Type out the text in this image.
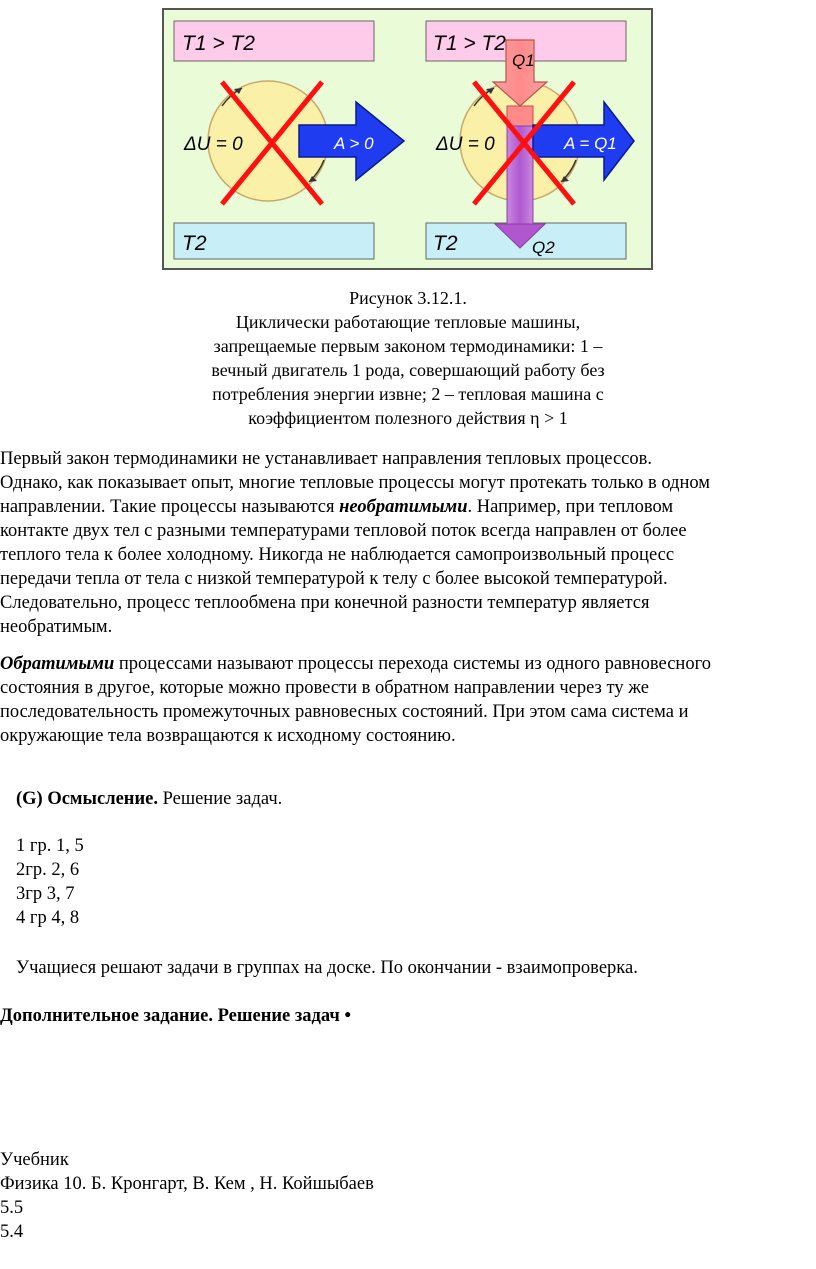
T1 > T2
T2
A > 0
ΔU = 0
T1 > T2
T2
Q1
Q2
A = Q1
ΔU = 0
Рисунок 3.12.1.
Циклически работающие тепловые машины,
запрещаемые первым законом термодинамики: 1 –
вечный двигатель 1 рода, совершающий работу без
потребления энергии извне; 2 – тепловая машина с
коэффициентом полезного действия η > 1
Первый закон термодинамики не устанавливает направления тепловых процессов.
Однако, как показывает опыт, многие тепловые процессы могут протекать только в одном
направлении. Такие процессы называются необратимыми. Например, при тепловом
контакте двух тел с разными температурами тепловой поток всегда направлен от более
теплого тела к более холодному. Никогда не наблюдается самопроизвольный процесс
передачи тепла от тела с низкой температурой к телу с более высокой температурой.
Следовательно, процесс теплообмена при конечной разности температур является
необратимым.
Обратимыми процессами называют процессы перехода системы из одного равновесного
состояния в другое, которые можно провести в обратном направлении через ту же
последовательность промежуточных равновесных состояний. При этом сама система и
окружающие тела возвращаются к исходному состоянию.
(G) Осмысление. Решение задач.
1 гр. 1, 5
2гр. 2, 6
3гр 3, 7
4 гр 4, 8
Учащиеся решают задачи в группах на доске. По окончании - взаимопроверка.
Дополнительное задание. Решение задач •
Учебник
Физика 10. Б. Кронгарт, В. Кем , Н. Койшыбаев
5.5
5.4
